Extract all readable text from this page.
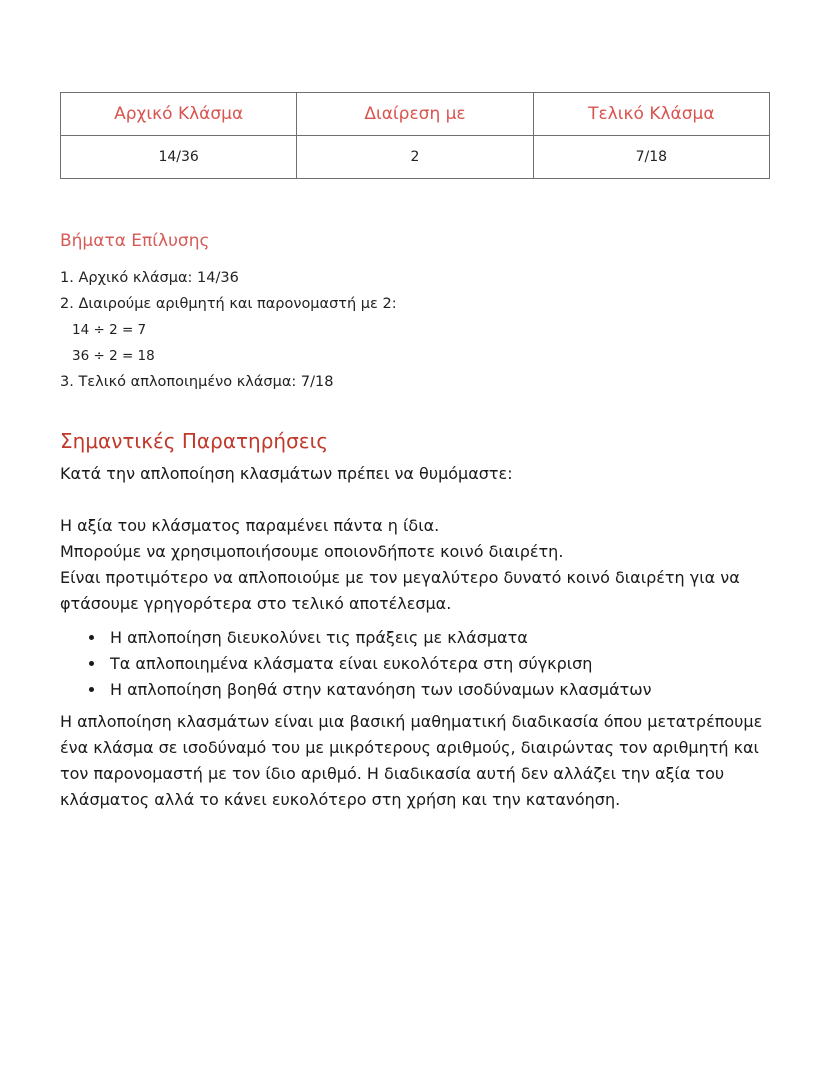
Αρχικό Κλάσμα	Διαίρεση με	Τελικό Κλάσμα
14/36	2	7/18
Βήματα Επίλυσης
1. Αρχικό κλάσμα: 14/36
2. Διαιρούμε αριθμητή και παρονομαστή με 2:
14 ÷ 2 = 7
36 ÷ 2 = 18
3. Τελικό απλοποιημένο κλάσμα: 7/18
Σημαντικές Παρατηρήσεις
Κατά την απλοποίηση κλασμάτων πρέπει να θυμόμαστε:
Η αξία του κλάσματος παραμένει πάντα η ίδια.
Μπορούμε να χρησιμοποιήσουμε οποιονδήποτε κοινό διαιρέτη.
Είναι προτιμότερο να απλοποιούμε με τον μεγαλύτερο δυνατό κοινό διαιρέτη για να φτάσουμε γρηγορότερα στο τελικό αποτέλεσμα.
• Η απλοποίηση διευκολύνει τις πράξεις με κλάσματα
• Τα απλοποιημένα κλάσματα είναι ευκολότερα στη σύγκριση
• Η απλοποίηση βοηθά στην κατανόηση των ισοδύναμων κλασμάτων
Η απλοποίηση κλασμάτων είναι μια βασική μαθηματική διαδικασία όπου μετατρέπουμε ένα κλάσμα σε ισοδύναμό του με μικρότερους αριθμούς, διαιρώντας τον αριθμητή και τον παρονομαστή με τον ίδιο αριθμό. Η διαδικασία αυτή δεν αλλάζει την αξία του κλάσματος αλλά το κάνει ευκολότερο στη χρήση και την κατανόηση.
